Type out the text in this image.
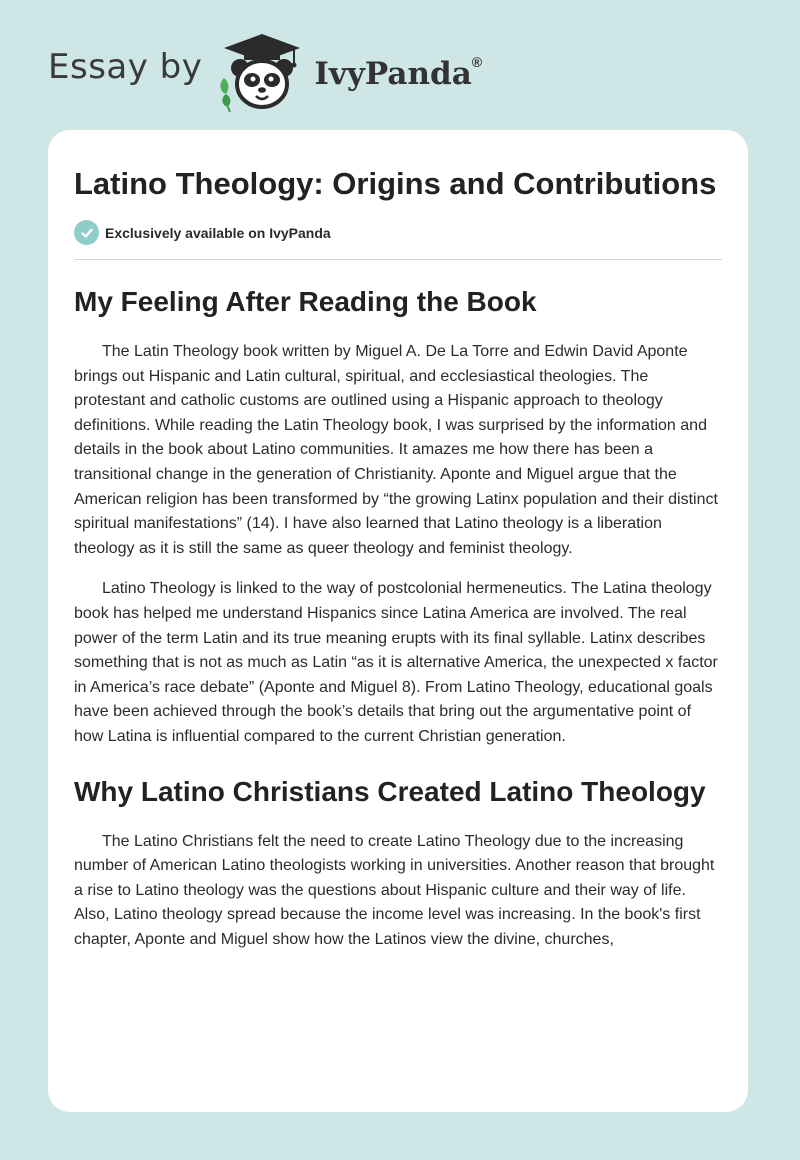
Essay by	IvyPanda®
Latino Theology: Origins and Contributions
Exclusively available on IvyPanda
My Feeling After Reading the Book

The Latin Theology book written by Miguel A. De La Torre and Edwin David Aponte brings out Hispanic and Latin cultural, spiritual, and ecclesiastical theologies. The protestant and catholic customs are outlined using a Hispanic approach to theology definitions. While reading the Latin Theology book, I was surprised by the information and details in the book about Latino communities. It amazes me how there has been a transitional change in the generation of Christianity. Aponte and Miguel argue that the American religion has been transformed by “the growing Latinx population and their distinct spiritual manifestations” (14). I have also learned that Latino theology is a liberation theology as it is still the same as queer theology and feminist theology.

Latino Theology is linked to the way of postcolonial hermeneutics. The Latina theology book has helped me understand Hispanics since Latina America are involved. The real power of the term Latin and its true meaning erupts with its final syllable. Latinx describes something that is not as much as Latin “as it is alternative America, the unexpected x factor in America’s race debate” (Aponte and Miguel 8). From Latino Theology, educational goals have been achieved through the book’s details that bring out the argumentative point of how Latina is influential compared to the current Christian generation.

Why Latino Christians Created Latino Theology

The Latino Christians felt the need to create Latino Theology due to the increasing number of American Latino theologists working in universities. Another reason that brought a rise to Latino theology was the questions about Hispanic culture and their way of life. Also, Latino theology spread because the income level was increasing. In the book's first chapter, Aponte and Miguel show how the Latinos view the divine, churches,
